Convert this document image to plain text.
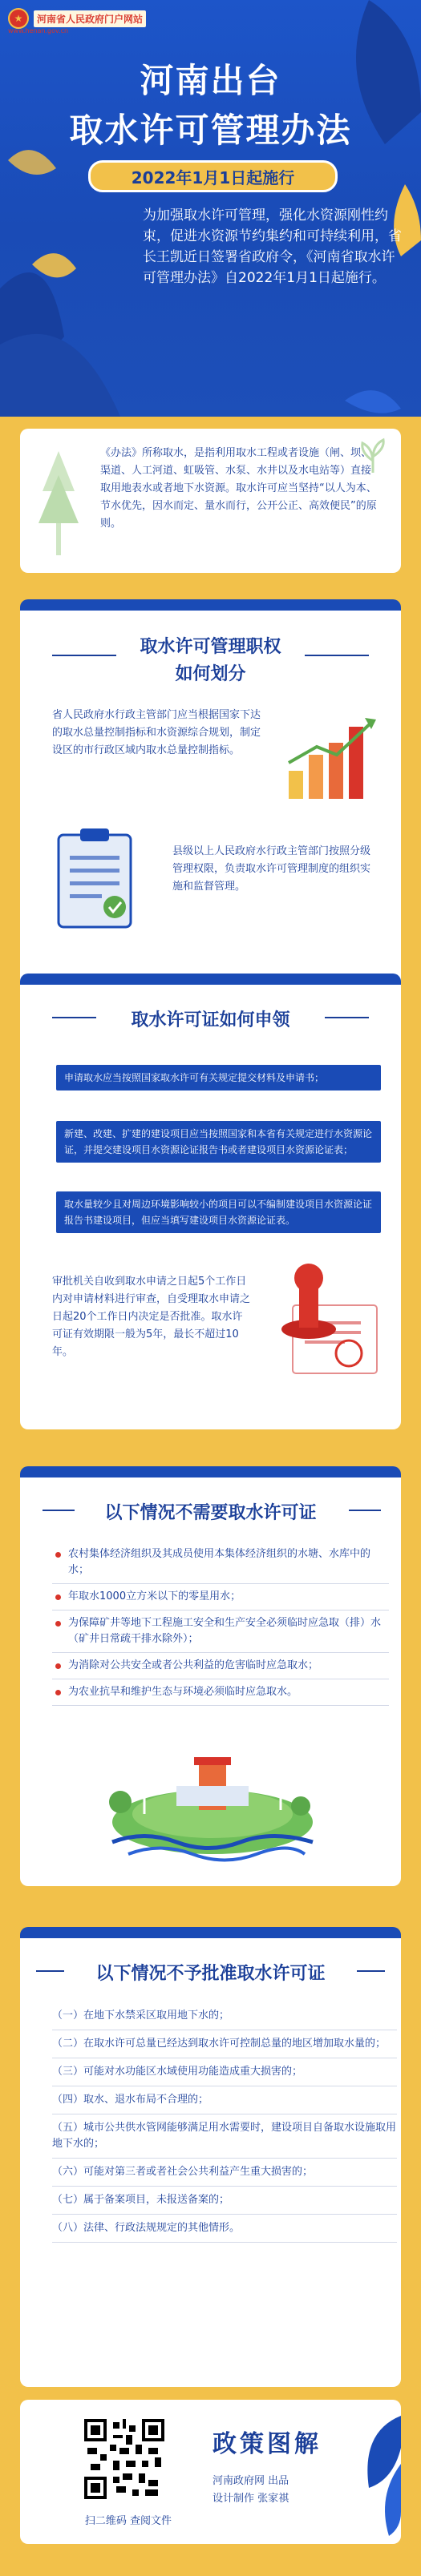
★	河南省人民政府门户网站
www.henan.gov.cn
河南出台
取水许可管理办法
2022年1月1日起施行
为加强取水许可管理，强化水资源刚性约束，促进水资源节约集约和可持续利用，省长王凯近日签署省政府令，《河南省取水许可管理办法》自2022年1月1日起施行。

《办法》所称取水，是指利用取水工程或者设施（闸、坝、渠道、人工河道、虹吸管、水泵、水井以及水电站等）直接取用地表水或者地下水资源。取水许可应当坚持“以人为本、节水优先，因水而定、量水而行，公开公正、高效便民”的原则。

取水许可管理职权
如何划分

省人民政府水行政主管部门应当根据国家下达的取水总量控制指标和水资源综合规划，制定设区的市行政区域内取水总量控制指标。

县级以上人民政府水行政主管部门按照分级管理权限，负责取水许可管理制度的组织实施和监督管理。

取水许可证如何申领
申请取水应当按照国家取水许可有关规定提交材料及申请书；
新建、改建、扩建的建设项目应当按照国家和本省有关规定进行水资源论证，并提交建设项目水资源论证报告书或者建设项目水资源论证表；
取水量较少且对周边环境影响较小的项目可以不编制建设项目水资源论证报告书建设项目，但应当填写建设项目水资源论证表。

审批机关自收到取水申请之日起5个工作日内对申请材料进行审查，自受理取水申请之日起20个工作日内决定是否批准。取水许可证有效期限一般为5年，最长不超过10年。

以下情况不需要取水许可证
农村集体经济组织及其成员使用本集体经济组织的水塘、水库中的水；
年取水1000立方米以下的零星用水；
为保障矿井等地下工程施工安全和生产安全必须临时应急取（排）水（矿井日常疏干排水除外）；
为消除对公共安全或者公共利益的危害临时应急取水；
为农业抗旱和维护生态与环境必须临时应急取水。
以下情况不予批准取水许可证
（一）在地下水禁采区取用地下水的；
（二）在取水许可总量已经达到取水许可控制总量的地区增加取水量的；
（三）可能对水功能区水域使用功能造成重大损害的；
（四）取水、退水布局不合理的；
（五）城市公共供水管网能够满足用水需要时，建设项目自备取水设施取用地下水的；
（六）可能对第三者或者社会公共利益产生重大损害的；
（七）属于备案项目，未报送备案的；
（八）法律、行政法规规定的其他情形。
扫二维码 查阅文件
政策图解
河南政府网 出品
设计制作 张家祺
